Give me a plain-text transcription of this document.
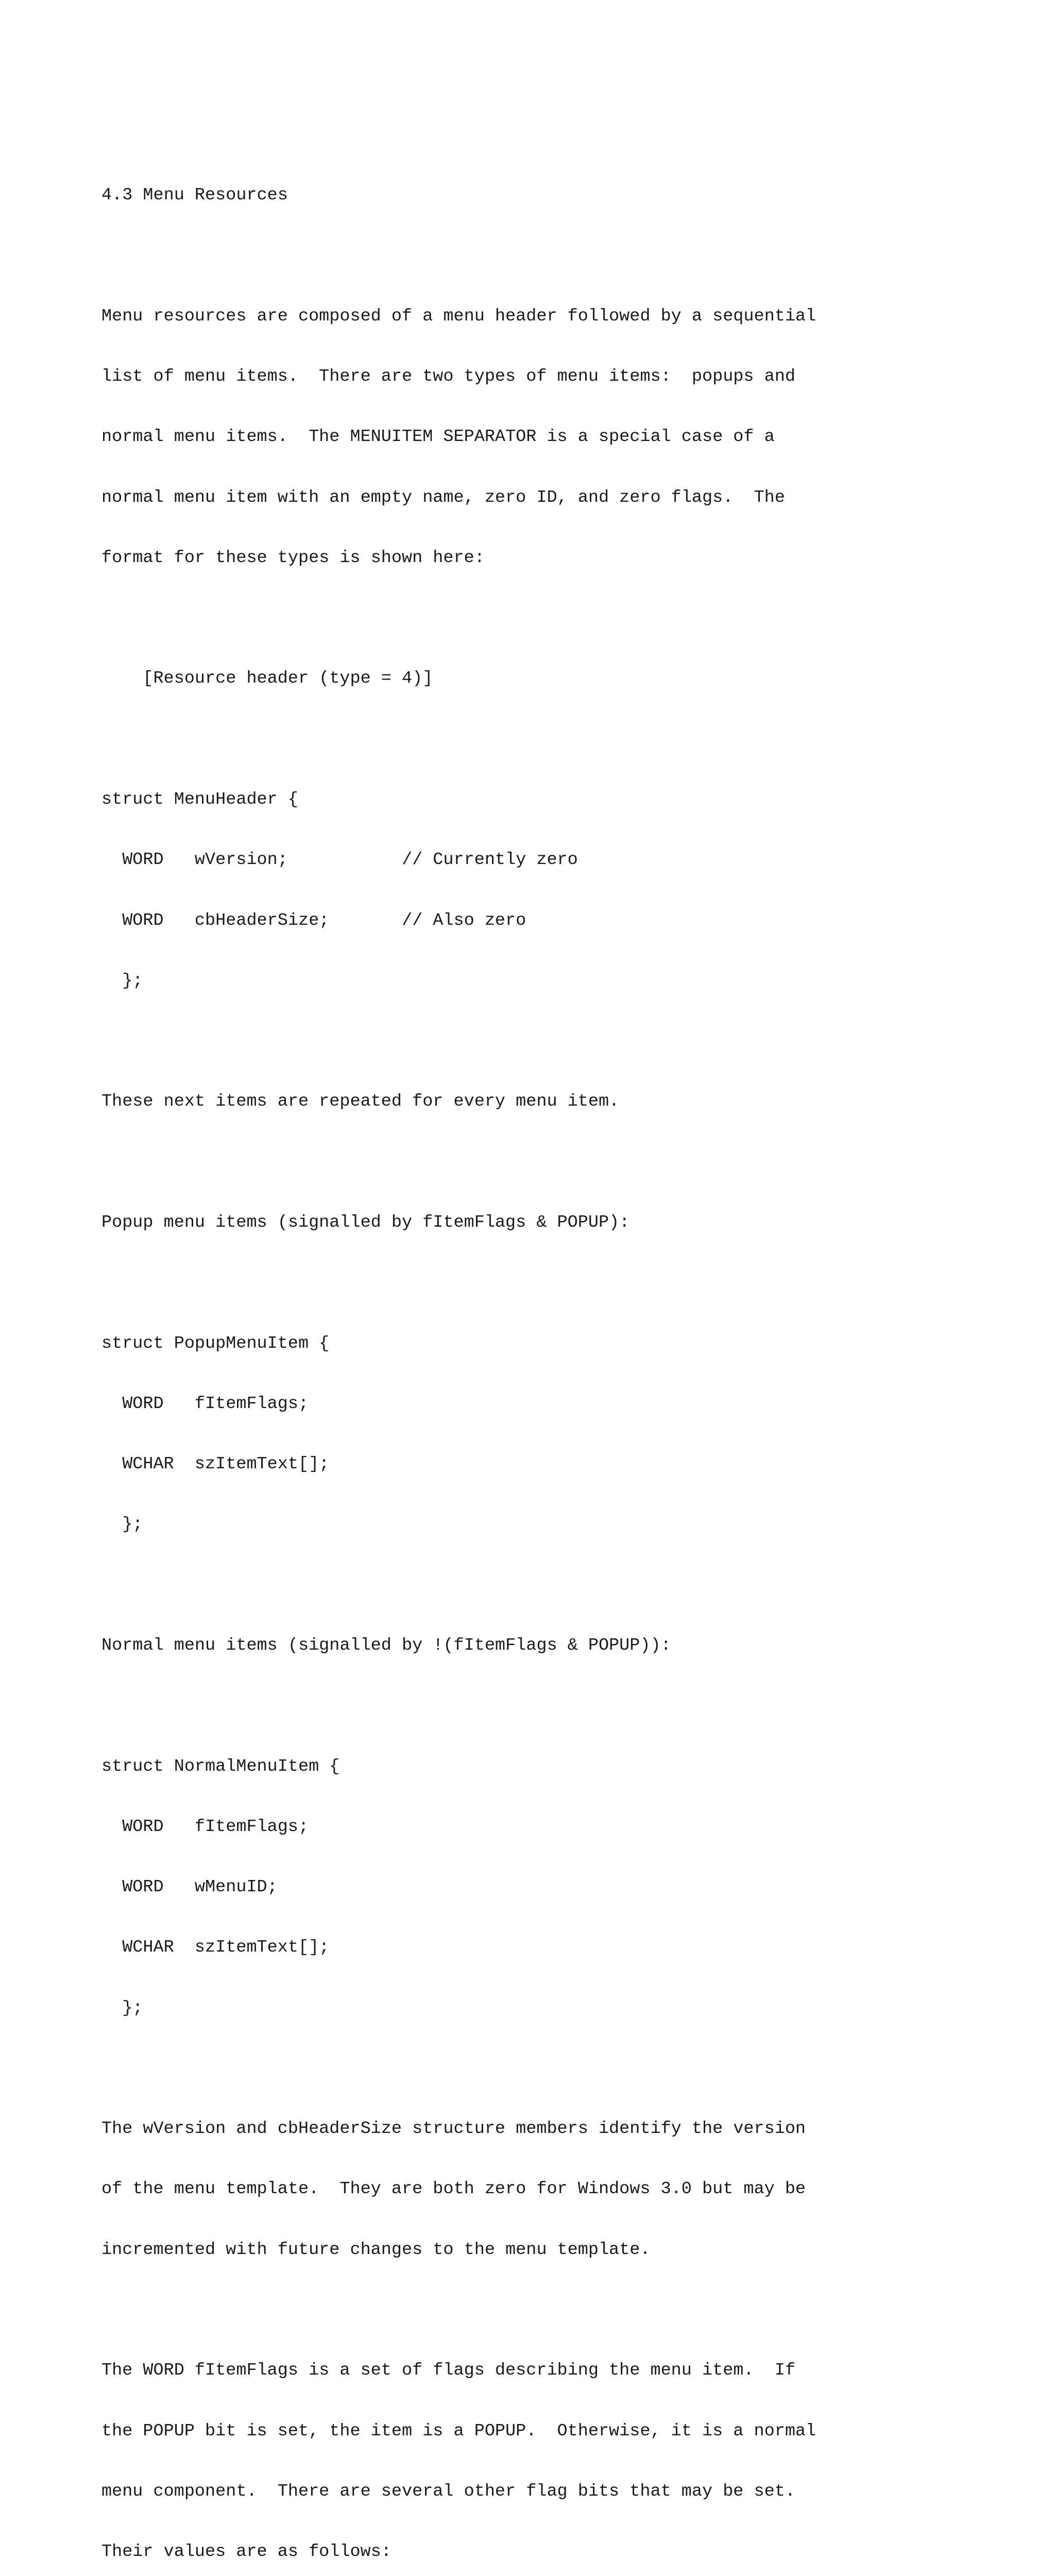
4.3 Menu Resources

Menu resources are composed of a menu header followed by a sequential

list of menu items.  There are two types of menu items:  popups and

normal menu items.  The MENUITEM SEPARATOR is a special case of a

normal menu item with an empty name, zero ID, and zero flags.  The

format for these types is shown here:

[Resource header (type = 4)]

struct MenuHeader {

WORD   wVersion;           // Currently zero

WORD   cbHeaderSize;       // Also zero

};

These next items are repeated for every menu item.

Popup menu items (signalled by fItemFlags & POPUP):

struct PopupMenuItem {

WORD   fItemFlags;

WCHAR  szItemText[];

};

Normal menu items (signalled by !(fItemFlags & POPUP)):

struct NormalMenuItem {

WORD   fItemFlags;

WORD   wMenuID;

WCHAR  szItemText[];

};

The wVersion and cbHeaderSize structure members identify the version

of the menu template.  They are both zero for Windows 3.0 but may be

incremented with future changes to the menu template.

The WORD fItemFlags is a set of flags describing the menu item.  If

the POPUP bit is set, the item is a POPUP.  Otherwise, it is a normal

menu component.  There are several other flag bits that may be set.

Their values are as follows:
